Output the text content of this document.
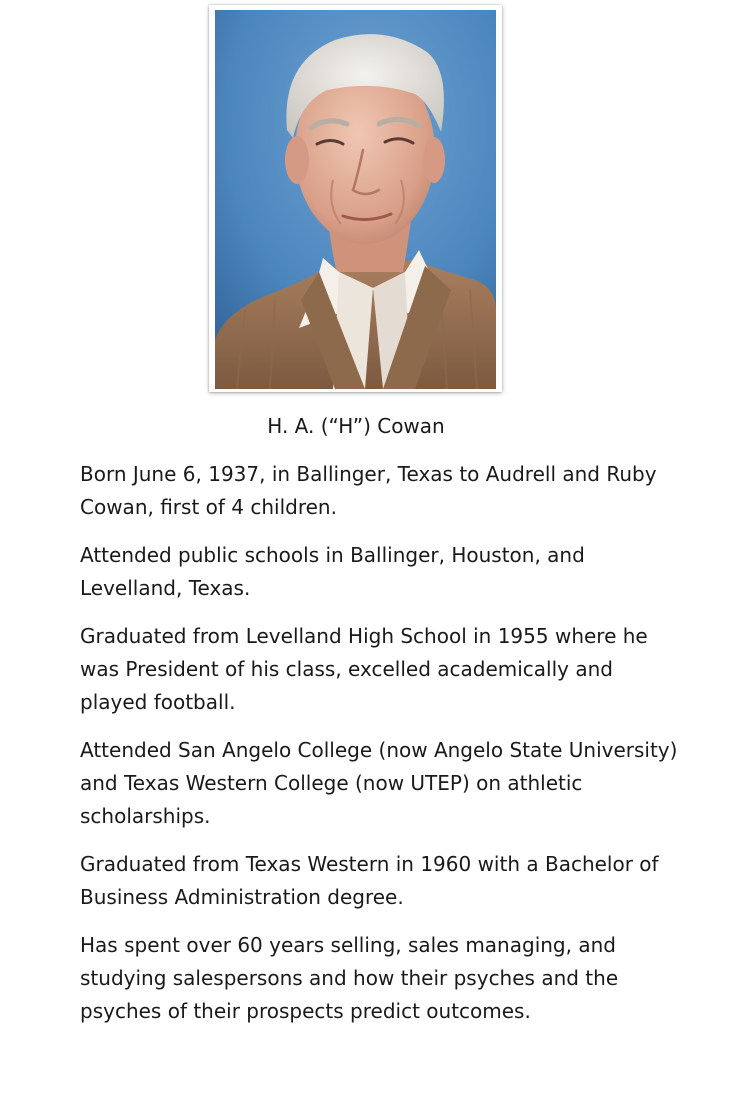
H. A. (“H”) Cowan
Born June 6, 1937, in Ballinger, Texas to Audrell and Ruby Cowan, first of 4 children.
Attended public schools in Ballinger, Houston, and Levelland, Texas.
Graduated from Levelland High School in 1955 where he was President of his class, excelled academically and played football.
Attended San Angelo College (now Angelo State University) and Texas Western College (now UTEP) on athletic scholarships.
Graduated from Texas Western in 1960 with a Bachelor of Business Administration degree.
Has spent over 60 years selling, sales managing, and studying salespersons and how their psyches and the psyches of their prospects predict outcomes.
